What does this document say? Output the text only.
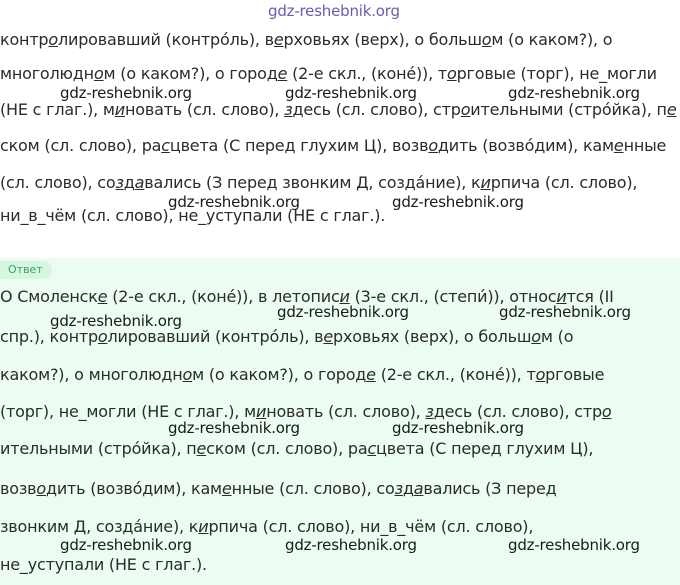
gdz-reshebnik.org
контролировавший (контро́ль), верховьях (верх), о большом (о каком?), о
многолюдном (о каком?), о городе (2-е скл., (коне́)), торговые (торг), не_могли
(НЕ с глаг.), миновать (сл. слово), здесь (сл. слово), строительными (стро́йка), пе
ском (сл. слово), расцвета (С перед глухим Ц), возводить (возво́дим), каменные
(сл. слово), создавались (З перед звонким Д, созда́ние), кирпича (сл. слово),
ни_в_чём (сл. слово), не_уступали (НЕ с глаг.).
gdz-reshebnik.org	gdz-reshebnik.org	gdz-reshebnik.org
gdz-reshebnik.org	gdz-reshebnik.org
Ответ
О Смоленске (2-е скл., (коне́)), в летописи (3-е скл., (степи́)), относится (II
спр.), контролировавший (контро́ль), верховьях (верх), о большом (о
каком?), о многолюдном (о каком?), о городе (2-е скл., (коне́)), торговые
(торг), не_могли (НЕ с глаг.), миновать (сл. слово), здесь (сл. слово), стро
ительными (стро́йка), песком (сл. слово), расцвета (С перед глухим Ц),
возводить (возво́дим), каменные (сл. слово), создавались (З перед
звонким Д, созда́ние), кирпича (сл. слово), ни_в_чём (сл. слово),
не_уступали (НЕ с глаг.).
gdz-reshebnik.org	gdz-reshebnik.org	gdz-reshebnik.org
gdz-reshebnik.org	gdz-reshebnik.org
gdz-reshebnik.org	gdz-reshebnik.org	gdz-reshebnik.org
